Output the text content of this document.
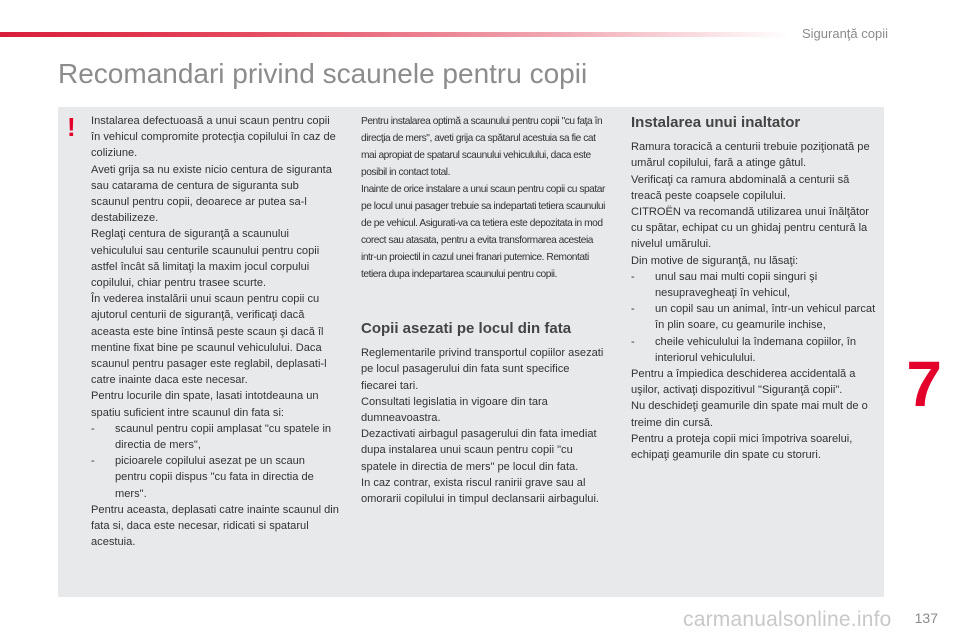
Siguranţă copii
Recomandari privind scaunele pentru copii
! Instalarea defectuoasă a unui scaun pentru copii în vehicul compromite protecţia copilului în caz de coliziune.

Aveti grija sa nu existe nicio centura de siguranta sau catarama de centura de siguranta sub scaunul pentru copii, deoarece ar putea sa-l destabilizeze.

Reglaţi centura de siguranţă a scaunului vehiculului sau centurile scaunului pentru copii astfel încât să limitaţi la maxim jocul corpului copilului, chiar pentru trasee scurte.

În vederea instalării unui scaun pentru copii cu ajutorul centurii de siguranţă, verificaţi dacă aceasta este bine întinsă peste scaun şi dacă îl mentine fixat bine pe scaunul vehiculului. Daca scaunul pentru pasager este reglabil, deplasati-l catre inainte daca este necesar.

Pentru locurile din spate, lasati intotdeauna un spatiu suficient intre scaunul din fata si:

-	scaunul pentru copii amplasat "cu spatele in directia de mers",
-	picioarele copilului asezat pe un scaun pentru copii dispus "cu fata in directia de mers".

Pentru aceasta, deplasati catre inainte scaunul din fata si, daca este necesar, ridicati si spatarul acestuia.

Pentru instalarea optimă a scaunului pentru copii "cu faţa în direcţia de mers", aveti grija ca spătarul acestuia sa fie cat mai apropiat de spatarul scaunului vehiculului, daca este posibil in contact total.

Inainte de orice instalare a unui scaun pentru copii cu spatar pe locul unui pasager trebuie sa indepartati tetiera scaunului de pe vehicul. Asigurati-va ca tetiera este depozitata in mod corect sau atasata, pentru a evita transformarea acesteia intr-un proiectil in cazul unei franari puternice. Remontati tetiera dupa indepartarea scaunului pentru copii.

Copii asezati pe locul din fata

Reglementarile privind transportul copiilor asezati pe locul pasagerului din fata sunt specifice fiecarei tari.

Consultati legislatia in vigoare din tara dumneavoastra.

Dezactivati airbagul pasagerului din fata imediat dupa instalarea unui scaun pentru copii "cu spatele in directia de mers" pe locul din fata.

In caz contrar, exista riscul ranirii grave sau al omorarii copilului in timpul declansarii airbagului.

Instalarea unui inaltator

Ramura toracică a centurii trebuie poziţionată pe umărul copilului, fară a atinge gâtul.

Verificaţi ca ramura abdominală a centurii să treacă peste coapsele copilului.

CITROËN va recomandă utilizarea unui înălţător cu spătar, echipat cu un ghidaj pentru centură la nivelul umărului.

Din motive de siguranţă, nu lăsaţi:

-	unul sau mai multi copii singuri şi nesupravegheaţi în vehicul,
-	un copil sau un animal, într-un vehicul parcat în plin soare, cu geamurile inchise,
-	cheile vehiculului la îndemana copiilor, în interiorul vehiculului.

Pentru a împiedica deschiderea accidentală a uşilor, activaţi dispozitivul "Siguranţă copii".

Nu deschideţi geamurile din spate mai mult de o treime din cursă.

Pentru a proteja copii mici împotriva soarelui, echipaţi geamurile din spate cu storuri.

7
carmanualsonline.info 137
